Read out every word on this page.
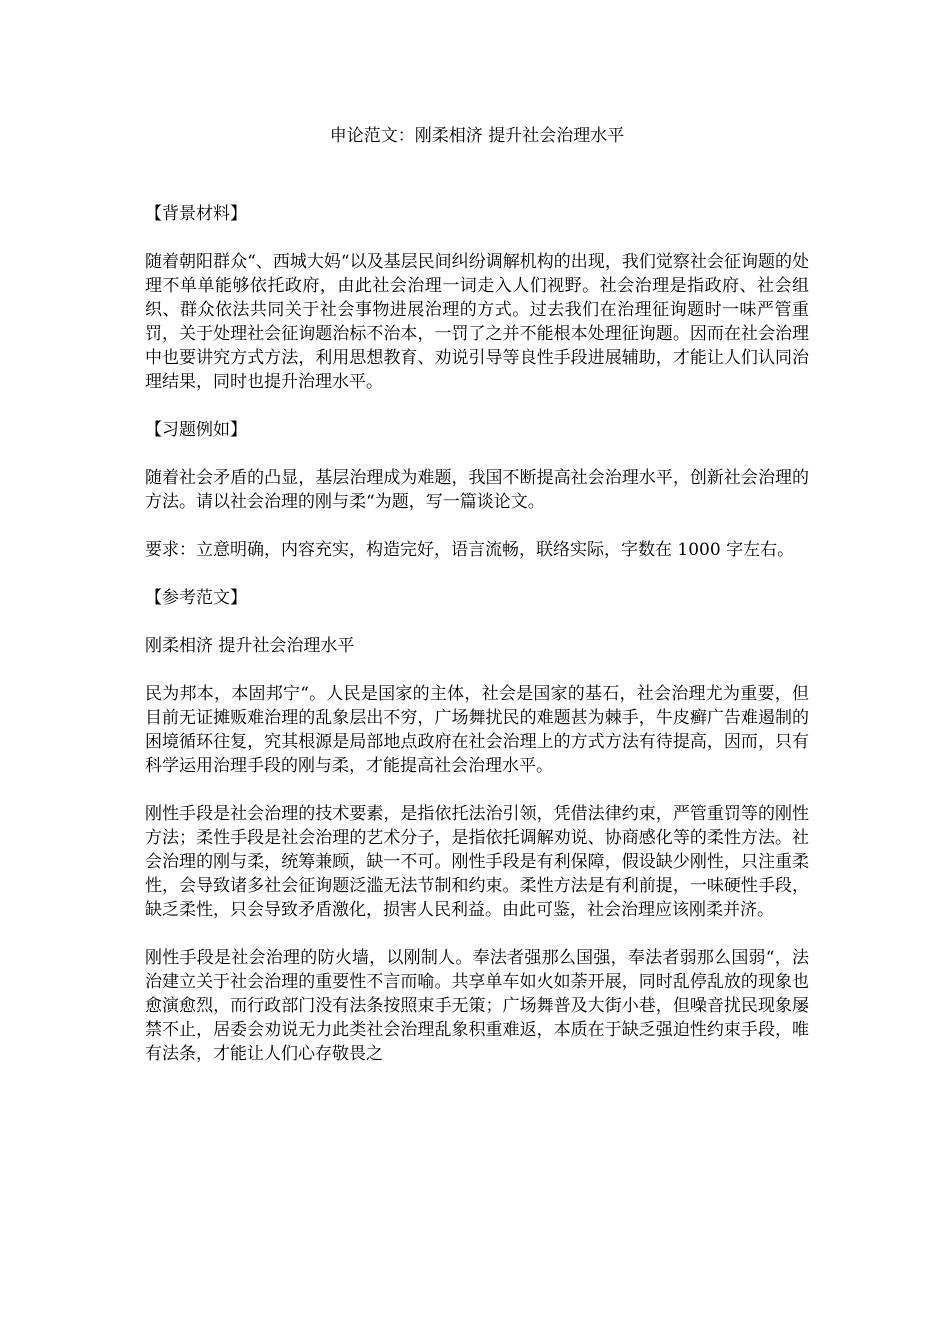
申论范文：刚柔相济 提升社会治理水平
【背景材料】
随着朝阳群众“、西城大妈“以及基层民间纠纷调解机构的出现，我们觉察社会征询题的处理不单单能够依托政府，由此社会治理一词走入人们视野。社会治理是指政府、社会组织、群众依法共同关于社会事物进展治理的方式。过去我们在治理征询题时一味严管重罚，关于处理社会征询题治标不治本，一罚了之并不能根本处理征询题。因而在社会治理中也要讲究方式方法，利用思想教育、劝说引导等良性手段进展辅助，才能让人们认同治理结果，同时也提升治理水平。
【习题例如】
随着社会矛盾的凸显，基层治理成为难题，我国不断提高社会治理水平，创新社会治理的方法。请以社会治理的刚与柔“为题，写一篇谈论文。
要求：立意明确，内容充实，构造完好，语言流畅，联络实际，字数在 1000 字左右。
【参考范文】
刚柔相济 提升社会治理水平
民为邦本，本固邦宁“。人民是国家的主体，社会是国家的基石，社会治理尤为重要，但目前无证摊贩难治理的乱象层出不穷，广场舞扰民的难题甚为棘手，牛皮癣广告难遏制的困境循环往复，究其根源是局部地点政府在社会治理上的方式方法有待提高，因而，只有科学运用治理手段的刚与柔，才能提高社会治理水平。
刚性手段是社会治理的技术要素，是指依托法治引领，凭借法律约束，严管重罚等的刚性方法；柔性手段是社会治理的艺术分子，是指依托调解劝说、协商感化等的柔性方法。社会治理的刚与柔，统筹兼顾，缺一不可。刚性手段是有利保障，假设缺少刚性，只注重柔性，会导致诸多社会征询题泛滥无法节制和约束。柔性方法是有利前提，一味硬性手段，缺乏柔性，只会导致矛盾激化，损害人民利益。由此可鉴，社会治理应该刚柔并济。
刚性手段是社会治理的防火墙，以刚制人。奉法者强那么国强，奉法者弱那么国弱“，法治建立关于社会治理的重要性不言而喻。共享单车如火如荼开展，同时乱停乱放的现象也愈演愈烈，而行政部门没有法条按照束手无策；广场舞普及大街小巷，但噪音扰民现象屡禁不止，居委会劝说无力此类社会治理乱象积重难返，本质在于缺乏强迫性约束手段，唯有法条，才能让人们心存敬畏之
